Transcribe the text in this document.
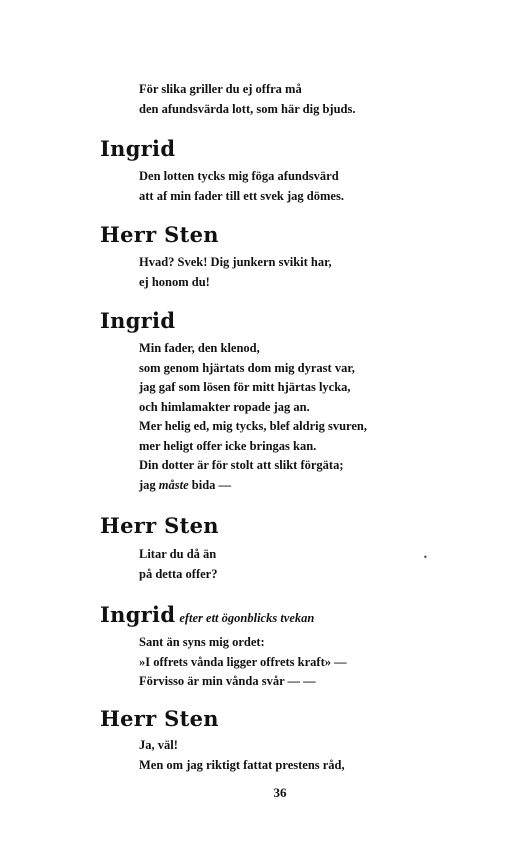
För slika griller du ej offra må
den afundsvärda lott, som här dig bjuds.
Ingrid
Den lotten tycks mig föga afundsvärd
att af min fader till ett svek jag dömes.
Herr Sten
Hvad? Svek! Dig junkern svikit har,
ej honom du!
Ingrid
Min fader, den klenod,
som genom hjärtats dom mig dyrast var,
jag gaf som lösen för mitt hjärtas lycka,
och himlamakter ropade jag an.
Mer helig ed, mig tycks, blef aldrig svuren,
mer heligt offer icke bringas kan.
Din dotter är för stolt att slikt förgäta;
jag måste bida —
Herr Sten
Litar du då än
på detta offer?
•
Ingrid efter ett ögonblicks tvekan
Sant än syns mig ordet:
»I offrets vånda ligger offrets kraft» —
Förvisso är min vånda svår — —
Herr Sten
Ja, väl!
Men om jag riktigt fattat prestens råd,
36
